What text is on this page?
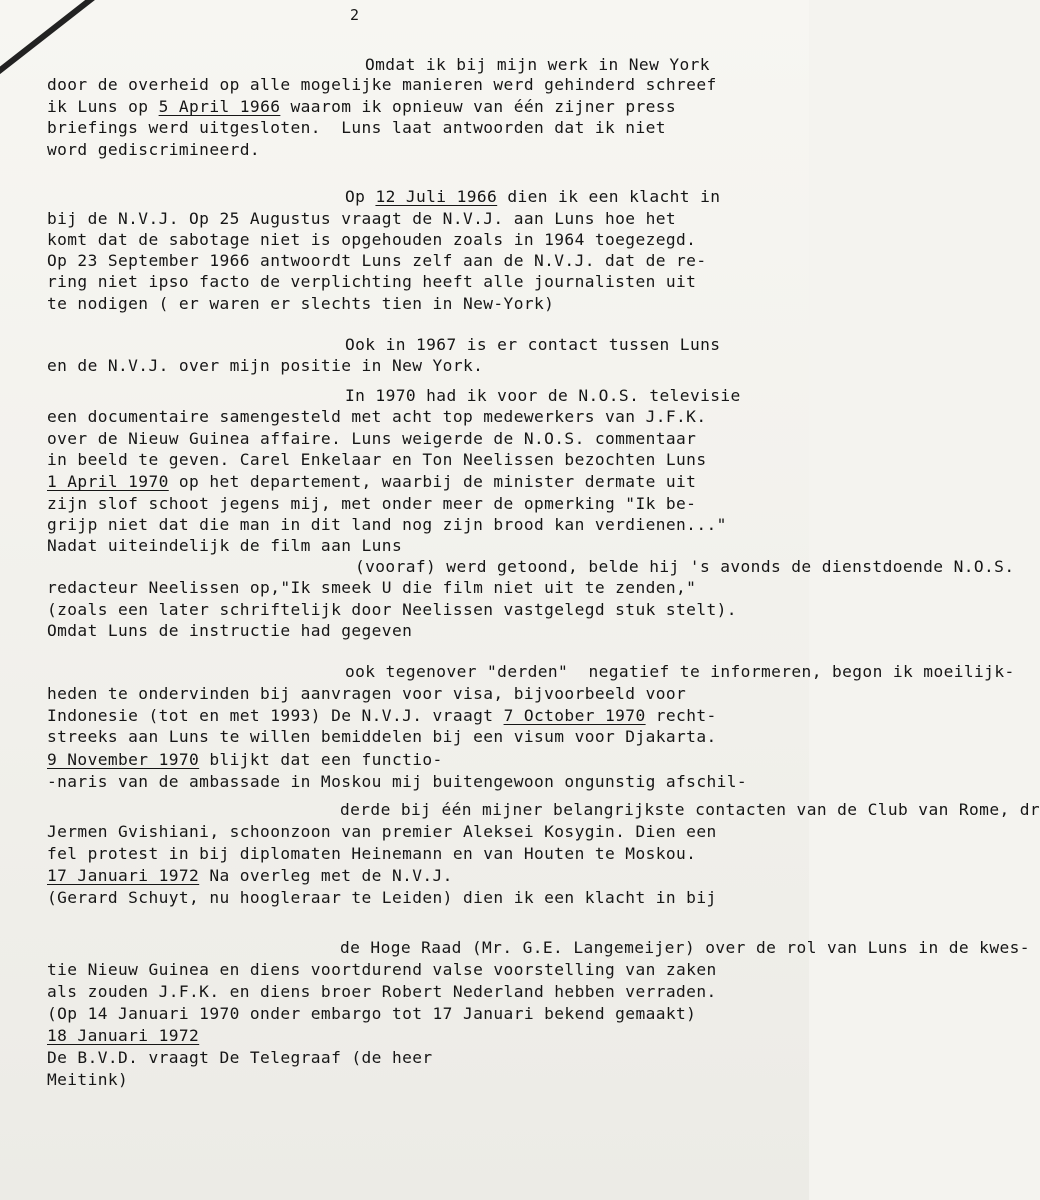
2
Omdat ik bij mijn werk in New York
door de overheid op alle mogelijke manieren werd gehinderd schreef
ik Luns op 5 April 1966 waarom ik opnieuw van één zijner press
briefings werd uitgesloten.  Luns laat antwoorden dat ik niet
word gediscrimineerd.
Op 12 Juli 1966 dien ik een klacht in
bij de N.V.J. Op 25 Augustus vraagt de N.V.J. aan Luns hoe het
komt dat de sabotage niet is opgehouden zoals in 1964 toegezegd.
Op 23 September 1966 antwoordt Luns zelf aan de N.V.J. dat de re-
ring niet ipso facto de verplichting heeft alle journalisten uit
te nodigen ( er waren er slechts tien in New-York)
Ook in 1967 is er contact tussen Luns
en de N.V.J. over mijn positie in New York.
In 1970 had ik voor de N.O.S. televisie
een documentaire samengesteld met acht top medewerkers van J.F.K.
over de Nieuw Guinea affaire. Luns weigerde de N.O.S. commentaar
in beeld te geven. Carel Enkelaar en Ton Neelissen bezochten Luns
1 April 1970 op het departement, waarbij de minister dermate uit
zijn slof schoot jegens mij, met onder meer de opmerking "Ik be-
grijp niet dat die man in dit land nog zijn brood kan verdienen..."
Nadat uiteindelijk de film aan Luns
(vooraf) werd getoond, belde hij 's avonds de dienstdoende N.O.S.
redacteur Neelissen op,"Ik smeek U die film niet uit te zenden,"
(zoals een later schriftelijk door Neelissen vastgelegd stuk stelt).
Omdat Luns de instructie had gegeven
ook tegenover "derden"  negatief te informeren, begon ik moeilijk-
heden te ondervinden bij aanvragen voor visa, bijvoorbeeld voor
Indonesie (tot en met 1993) De N.V.J. vraagt 7 October 1970 recht-
streeks aan Luns te willen bemiddelen bij een visum voor Djakarta.
9 November 1970 blijkt dat een functio-
-naris van de ambassade in Moskou mij buitengewoon ongunstig afschil-
derde bij één mijner belangrijkste contacten van de Club van Rome, dr
Jermen Gvishiani, schoonzoon van premier Aleksei Kosygin. Dien een
fel protest in bij diplomaten Heinemann en van Houten te Moskou.
17 Januari 1972 Na overleg met de N.V.J.
(Gerard Schuyt, nu hoogleraar te Leiden) dien ik een klacht in bij
de Hoge Raad (Mr. G.E. Langemeijer) over de rol van Luns in de kwes-
tie Nieuw Guinea en diens voortdurend valse voorstelling van zaken
als zouden J.F.K. en diens broer Robert Nederland hebben verraden.
(Op 14 Januari 1970 onder embargo tot 17 Januari bekend gemaakt)
18 Januari 1972
De B.V.D. vraagt De Telegraaf (de heer
Meitink)
